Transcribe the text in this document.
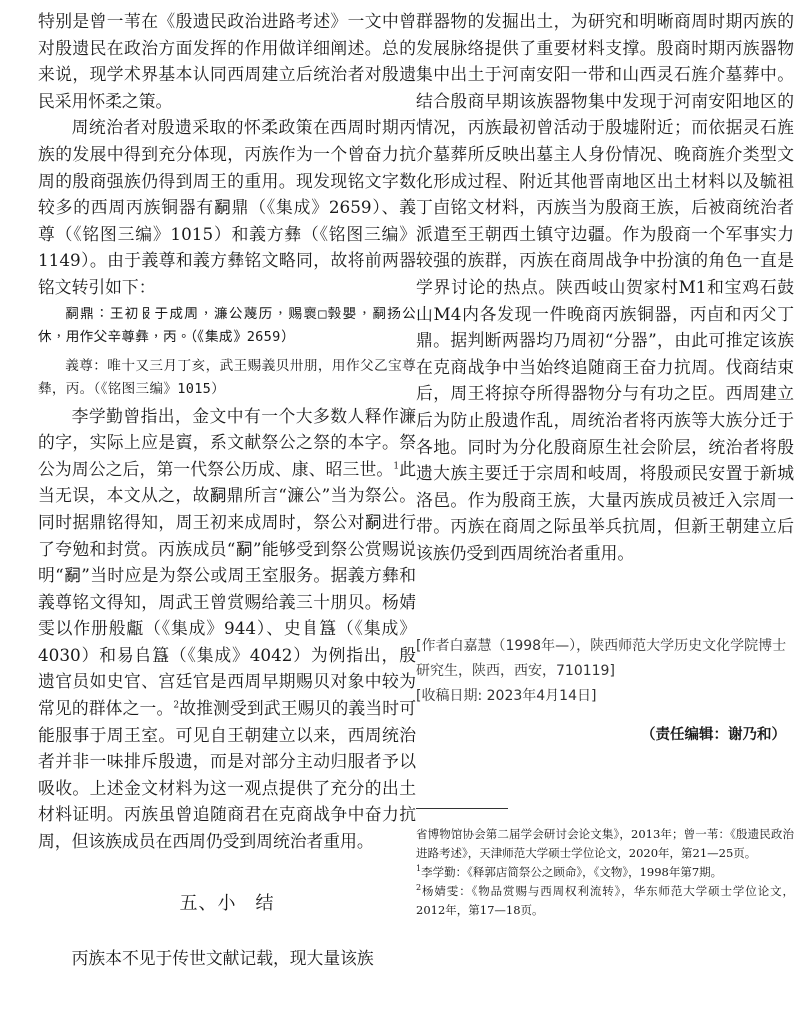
特别是曾一苇在《殷遗民政治进路考述》一文中曾对殷遗民在政治方面发挥的作用做详细阐述。总的来说，现学术界基本认同西周建立后统治者对殷遗民采用怀柔之策。

周统治者对殷遗采取的怀柔政策在西周时期丙族的发展中得到充分体现，丙族作为一个曾奋力抗周的殷商强族仍得到周王的重用。现发现铭文字数较多的西周丙族铜器有𤔲鼎（《集成》2659）、義尊（《铭图三编》1015）和義方彝（《铭图三编》1149）。由于義尊和義方彝铭文略同，故将前两器铭文转引如下：

𤔲鼎：王初𠬝于成周，濂公蔑历，赐褱□㝅嬰，𤔲扬公休，用作父辛尊彝，丙。（《集成》2659）
義尊：唯十又三月丁亥，武王赐義贝卅朋，用作父乙宝尊彝，丙。（《铭图三编》1015）

李学勤曾指出，金文中有一个大多数人释作濂的字，实际上应是賨，系文献祭公之祭的本字。祭公为周公之后，第一代祭公历成、康、昭三世。$^1$此当无误，本文从之，故𤔲鼎所言“濂公”当为祭公。同时据鼎铭得知，周王初来成周时，祭公对𤔲进行了夸勉和封赏。丙族成员“𤔲”能够受到祭公赏赐说明“𤔲”当时应是为祭公或周王室服务。据義方彝和義尊铭文得知，周武王曾赏赐给義三十朋贝。杨婧雯以作册般甗（《集成》944）、史𨸏簋（《集成》4030）和易𠂤簋（《集成》4042）为例指出，殷遗官员如史官、宫廷官是西周早期赐贝对象中较为常见的群体之一。$^2$故推测受到武王赐贝的義当时可能服事于周王室。可见自王朝建立以来，西周统治者并非一味排斥殷遗，而是对部分主动归服者予以吸收。上述金文材料为这一观点提供了充分的出土材料证明。丙族虽曾追随商君在克商战争中奋力抗周，但该族成员在西周仍受到周统治者重用。

五、小　结

丙族本不见于传世文献记载，现大量该族

群器物的发掘出土，为研究和明晰商周时期丙族的发展脉络提供了重要材料支撑。殷商时期丙族器物集中出土于河南安阳一带和山西灵石旌介墓葬中。结合殷商早期该族器物集中发现于河南安阳地区的情况，丙族最初曾活动于殷墟附近；而依据灵石旌介墓葬所反映出墓主人身份情况、晚商旌介类型文化形成过程、附近其他晋南地区出土材料以及毓祖丁卣铭文材料，丙族当为殷商王族，后被商统治者派遣至王朝西土镇守边疆。作为殷商一个军事实力较强的族群，丙族在商周战争中扮演的角色一直是学界讨论的热点。陕西岐山贺家村M1和宝鸡石鼓山M4内各发现一件晚商丙族铜器，丙卣和丙父丁鼎。据判断两器均乃周初“分器”，由此可推定该族在克商战争中当始终追随商王奋力抗周。伐商结束后，周王将掠夺所得器物分与有功之臣。西周建立后为防止殷遗作乱，周统治者将丙族等大族分迁于各地。同时为分化殷商原生社会阶层，统治者将殷遗大族主要迁于宗周和岐周，将殷顽民安置于新城洛邑。作为殷商王族，大量丙族成员被迁入宗周一带。丙族在商周之际虽举兵抗周，但新王朝建立后该族仍受到西周统治者重用。

[作者白嘉慧（1998年—），陕西师范大学历史文化学院博士研究生，陕西，西安，710119]
[收稿日期: 2023年4月14日]
（责任编辑：谢乃和）
省博物馆协会第二届学会研讨会论文集》，2013年；曾一苇：《殷遗民政治进路考述》，天津师范大学硕士学位论文，2020年，第21—25页。
$^1$李学勤：《释郭店简祭公之顾命》，《文物》，1998年第7期。
$^2$杨婧雯：《物品赏赐与西周权利流转》，华东师范大学硕士学位论文，2012年，第17—18页。
